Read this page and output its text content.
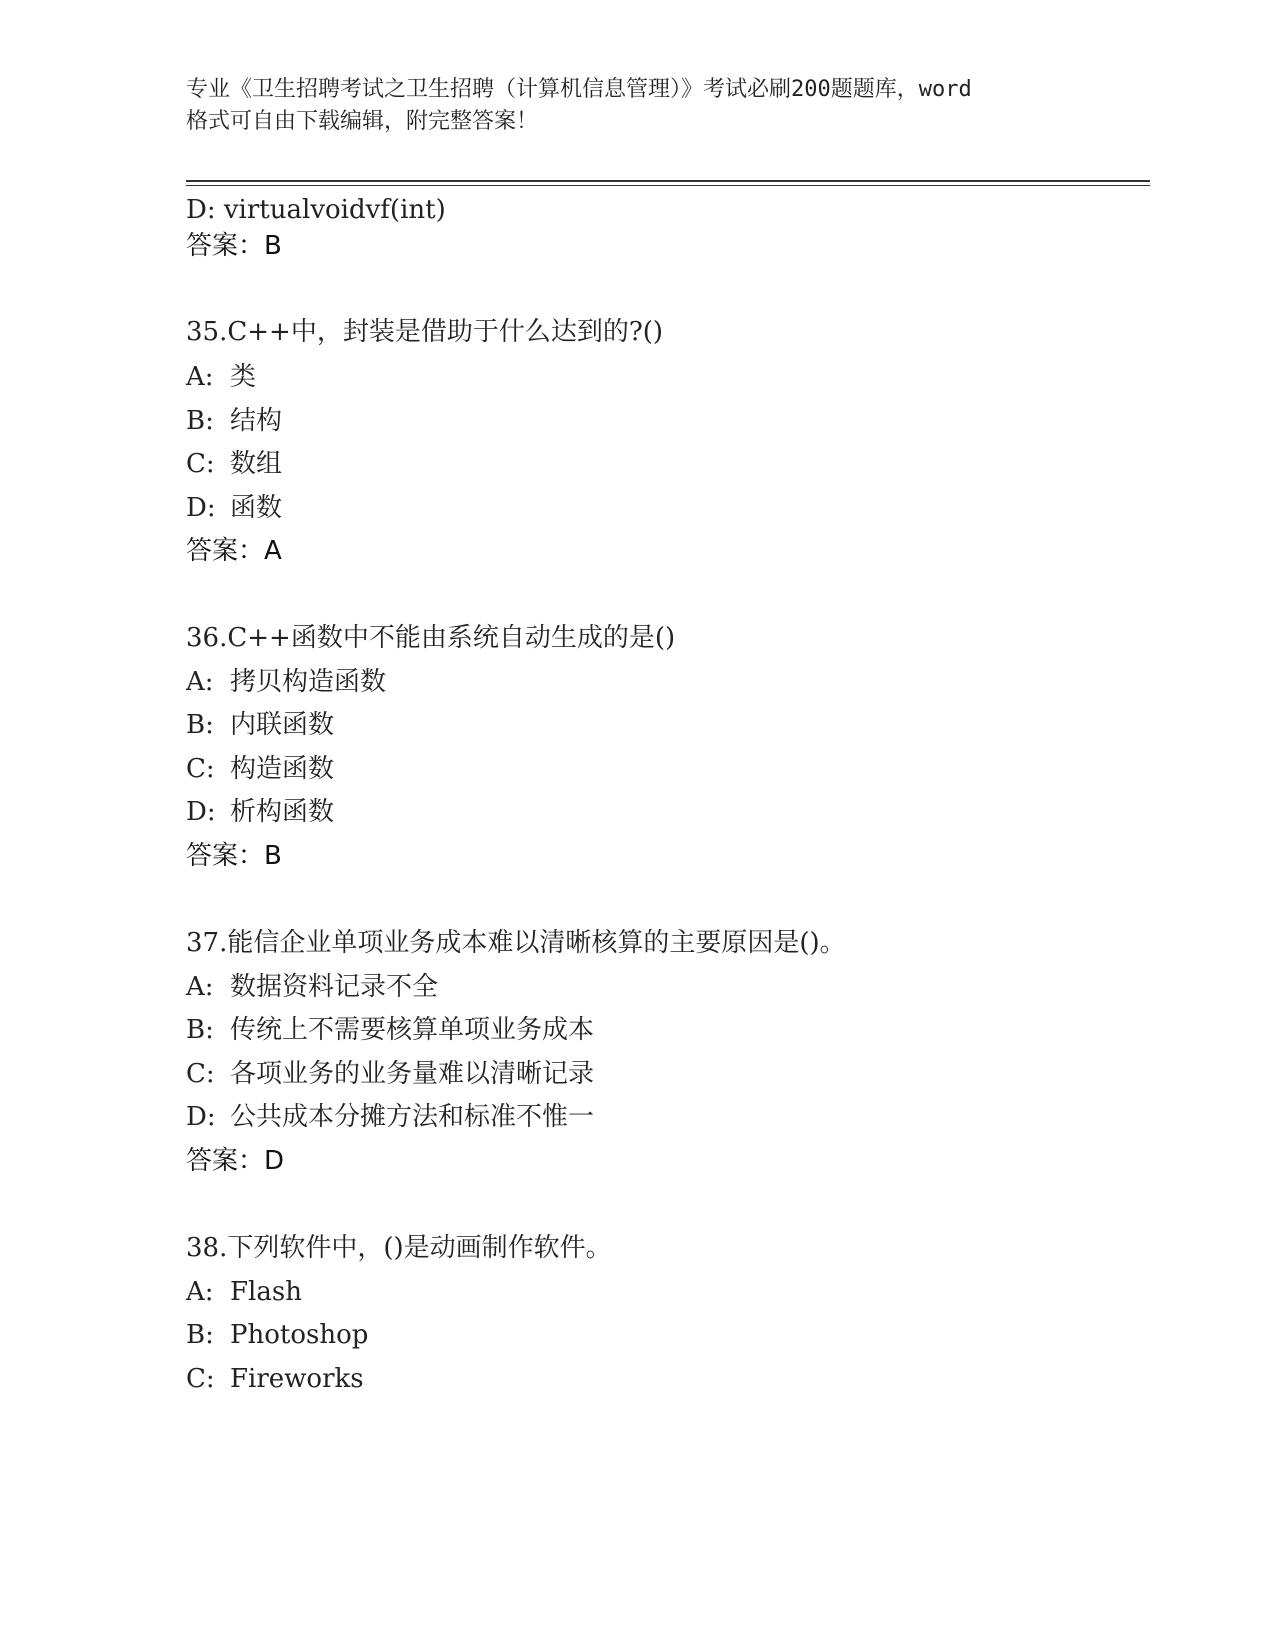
专业《卫生招聘考试之卫生招聘（计算机信息管理）》考试必刷200题题库，word
格式可自由下载编辑，附完整答案！
D: virtualvoidvf(int)
答案：B
35.C++中，封装是借助于什么达到的?()
A: 类
B: 结构
C: 数组
D: 函数
答案：A
36.C++函数中不能由系统自动生成的是()
A: 拷贝构造函数
B: 内联函数
C: 构造函数
D: 析构函数
答案：B
37.能信企业单项业务成本难以清晰核算的主要原因是()。
A: 数据资料记录不全
B: 传统上不需要核算单项业务成本
C: 各项业务的业务量难以清晰记录
D: 公共成本分摊方法和标准不惟一
答案：D
38.下列软件中，()是动画制作软件。
A: Flash
B: Photoshop
C: Fireworks
